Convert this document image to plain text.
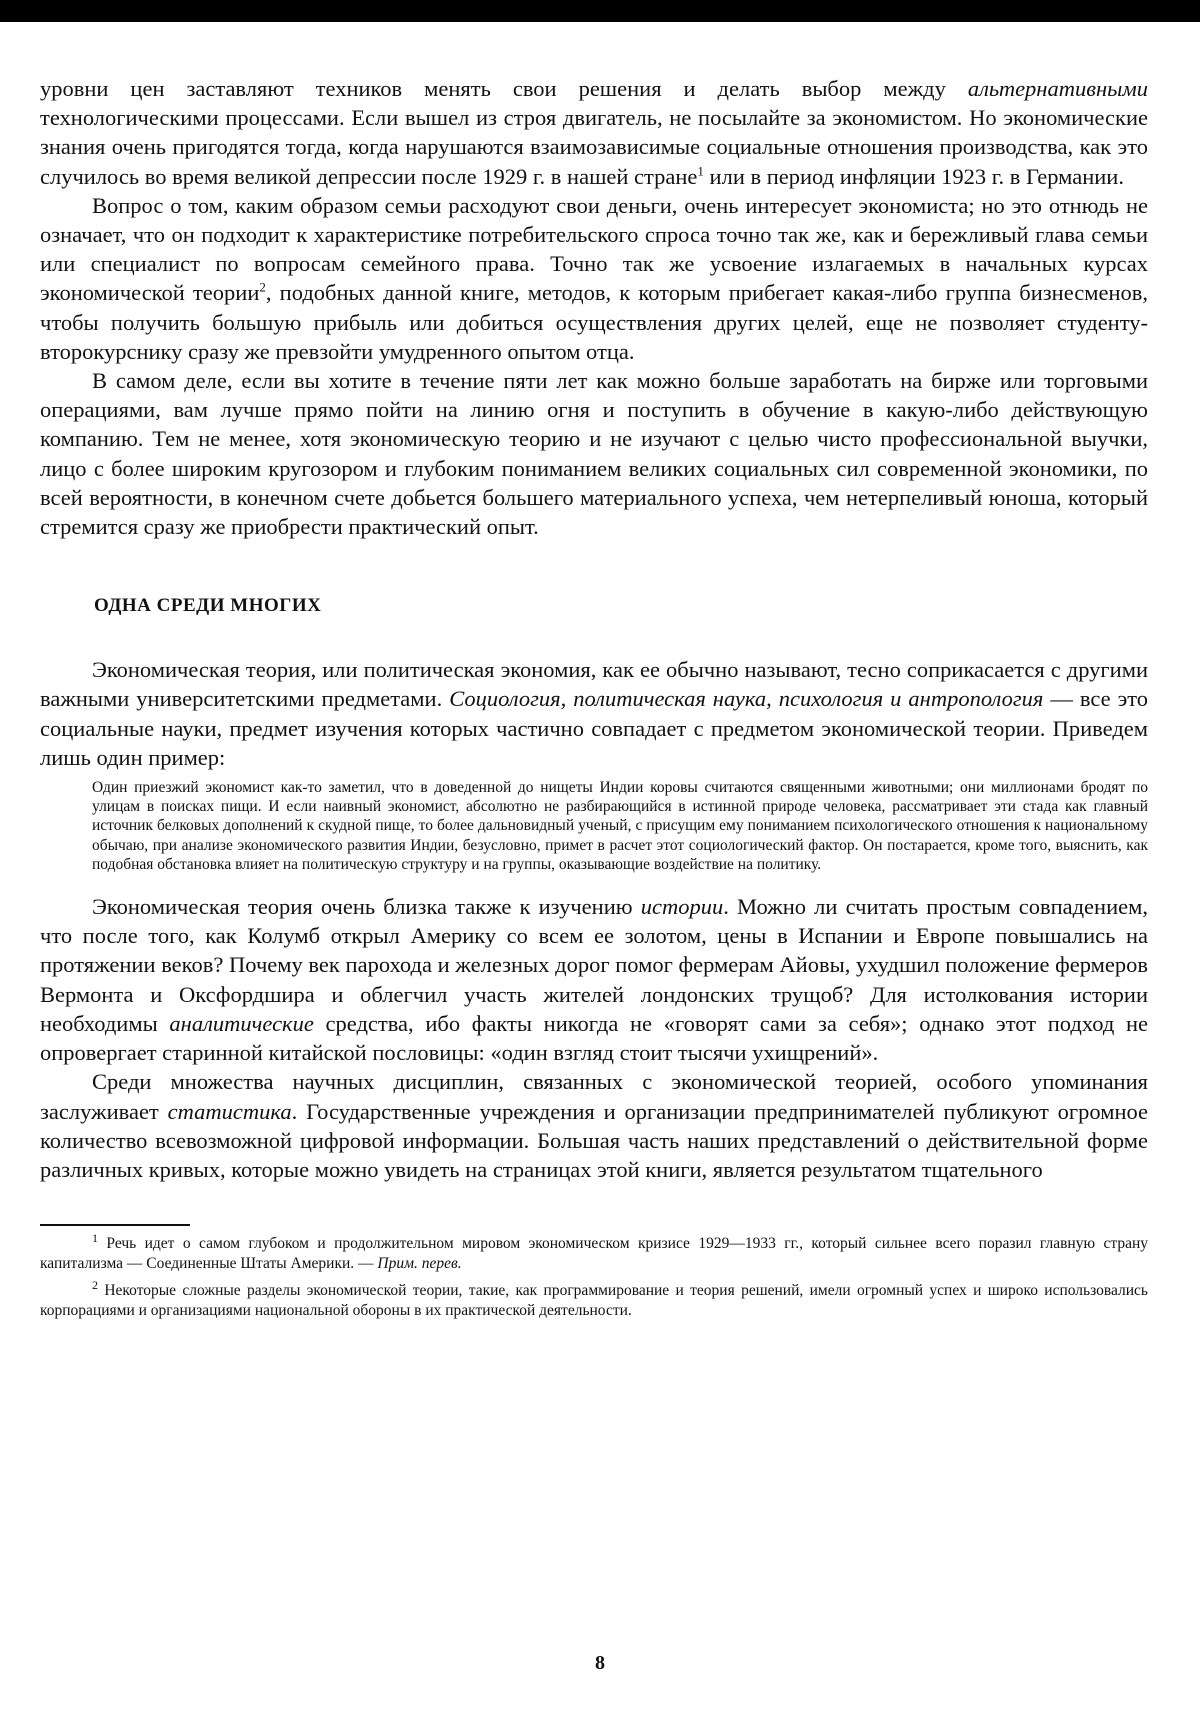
уровни цен заставляют техников менять свои решения и делать выбор между альтернативными технологическими процессами. Если вышел из строя двигатель, не посылайте за экономистом. Но экономические знания очень пригодятся тогда, когда нарушаются взаимозависимые социальные отношения производства, как это случилось во время великой депрессии после 1929 г. в нашей стране$^1$ или в период инфляции 1923 г. в Германии.

Вопрос о том, каким образом семьи расходуют свои деньги, очень интересует экономиста; но это отнюдь не означает, что он подходит к характеристике потребительского спроса точно так же, как и бережливый глава семьи или специалист по вопросам семейного права. Точно так же усвоение излагаемых в начальных курсах экономической теории$^2$, подобных данной книге, методов, к которым прибегает какая-либо группа бизнесменов, чтобы получить большую прибыль или добиться осуществления других целей, еще не позволяет студенту-второкурснику сразу же превзойти умудренного опытом отца.

В самом деле, если вы хотите в течение пяти лет как можно больше заработать на бирже или торговыми операциями, вам лучше прямо пойти на линию огня и поступить в обучение в какую-либо действующую компанию. Тем не менее, хотя экономическую теорию и не изучают с целью чисто профессиональной выучки, лицо с более широким кругозором и глубоким пониманием великих социальных сил современной экономики, по всей вероятности, в конечном счете добьется большего материального успеха, чем нетерпеливый юноша, который стремится сразу же приобрести практический опыт.

ОДНА СРЕДИ МНОГИХ

Экономическая теория, или политическая экономия, как ее обычно называют, тесно соприкасается с другими важными университетскими предметами. Социология, политическая наука, психология и антропология — все это социальные науки, предмет изучения которых частично совпадает с предметом экономической теории. Приведем лишь один пример:

Один приезжий экономист как-то заметил, что в доведенной до нищеты Индии коровы считаются священными животными; они миллионами бродят по улицам в поисках пищи. И если наивный экономист, абсолютно не разбирающийся в истинной природе человека, рассматривает эти стада как главный источник белковых дополнений к скудной пище, то более дальновидный ученый, с присущим ему пониманием психологического отношения к национальному обычаю, при анализе экономического развития Индии, безусловно, примет в расчет этот социологический фактор. Он постарается, кроме того, выяснить, как подобная обстановка влияет на политическую структуру и на группы, оказывающие воздействие на политику.

Экономическая теория очень близка также к изучению истории. Можно ли считать простым совпадением, что после того, как Колумб открыл Америку со всем ее золотом, цены в Испании и Европе повышались на протяжении веков? Почему век парохода и железных дорог помог фермерам Айовы, ухудшил положение фермеров Вермонта и Оксфордшира и облегчил участь жителей лондонских трущоб? Для истолкования истории необходимы аналитические средства, ибо факты никогда не «говорят сами за себя»; однако этот подход не опровергает старинной китайской пословицы: «один взгляд стоит тысячи ухищрений».

Среди множества научных дисциплин, связанных с экономической теорией, особого упоминания заслуживает статистика. Государственные учреждения и организации предпринимателей публикуют огромное количество всевозможной цифровой информации. Большая часть наших представлений о действительной форме различных кривых, которые можно увидеть на страницах этой книги, является результатом тщательного

$^1$ Речь идет о самом глубоком и продолжительном мировом экономическом кризисе 1929—1933 гг., который сильнее всего поразил главную страну капитализма — Соединенные Штаты Америки. — Прим. перев.

$^2$ Некоторые сложные разделы экономической теории, такие, как программирование и теория решений, имели огромный успех и широко использовались корпорациями и организациями национальной обороны в их практической деятельности.

8
